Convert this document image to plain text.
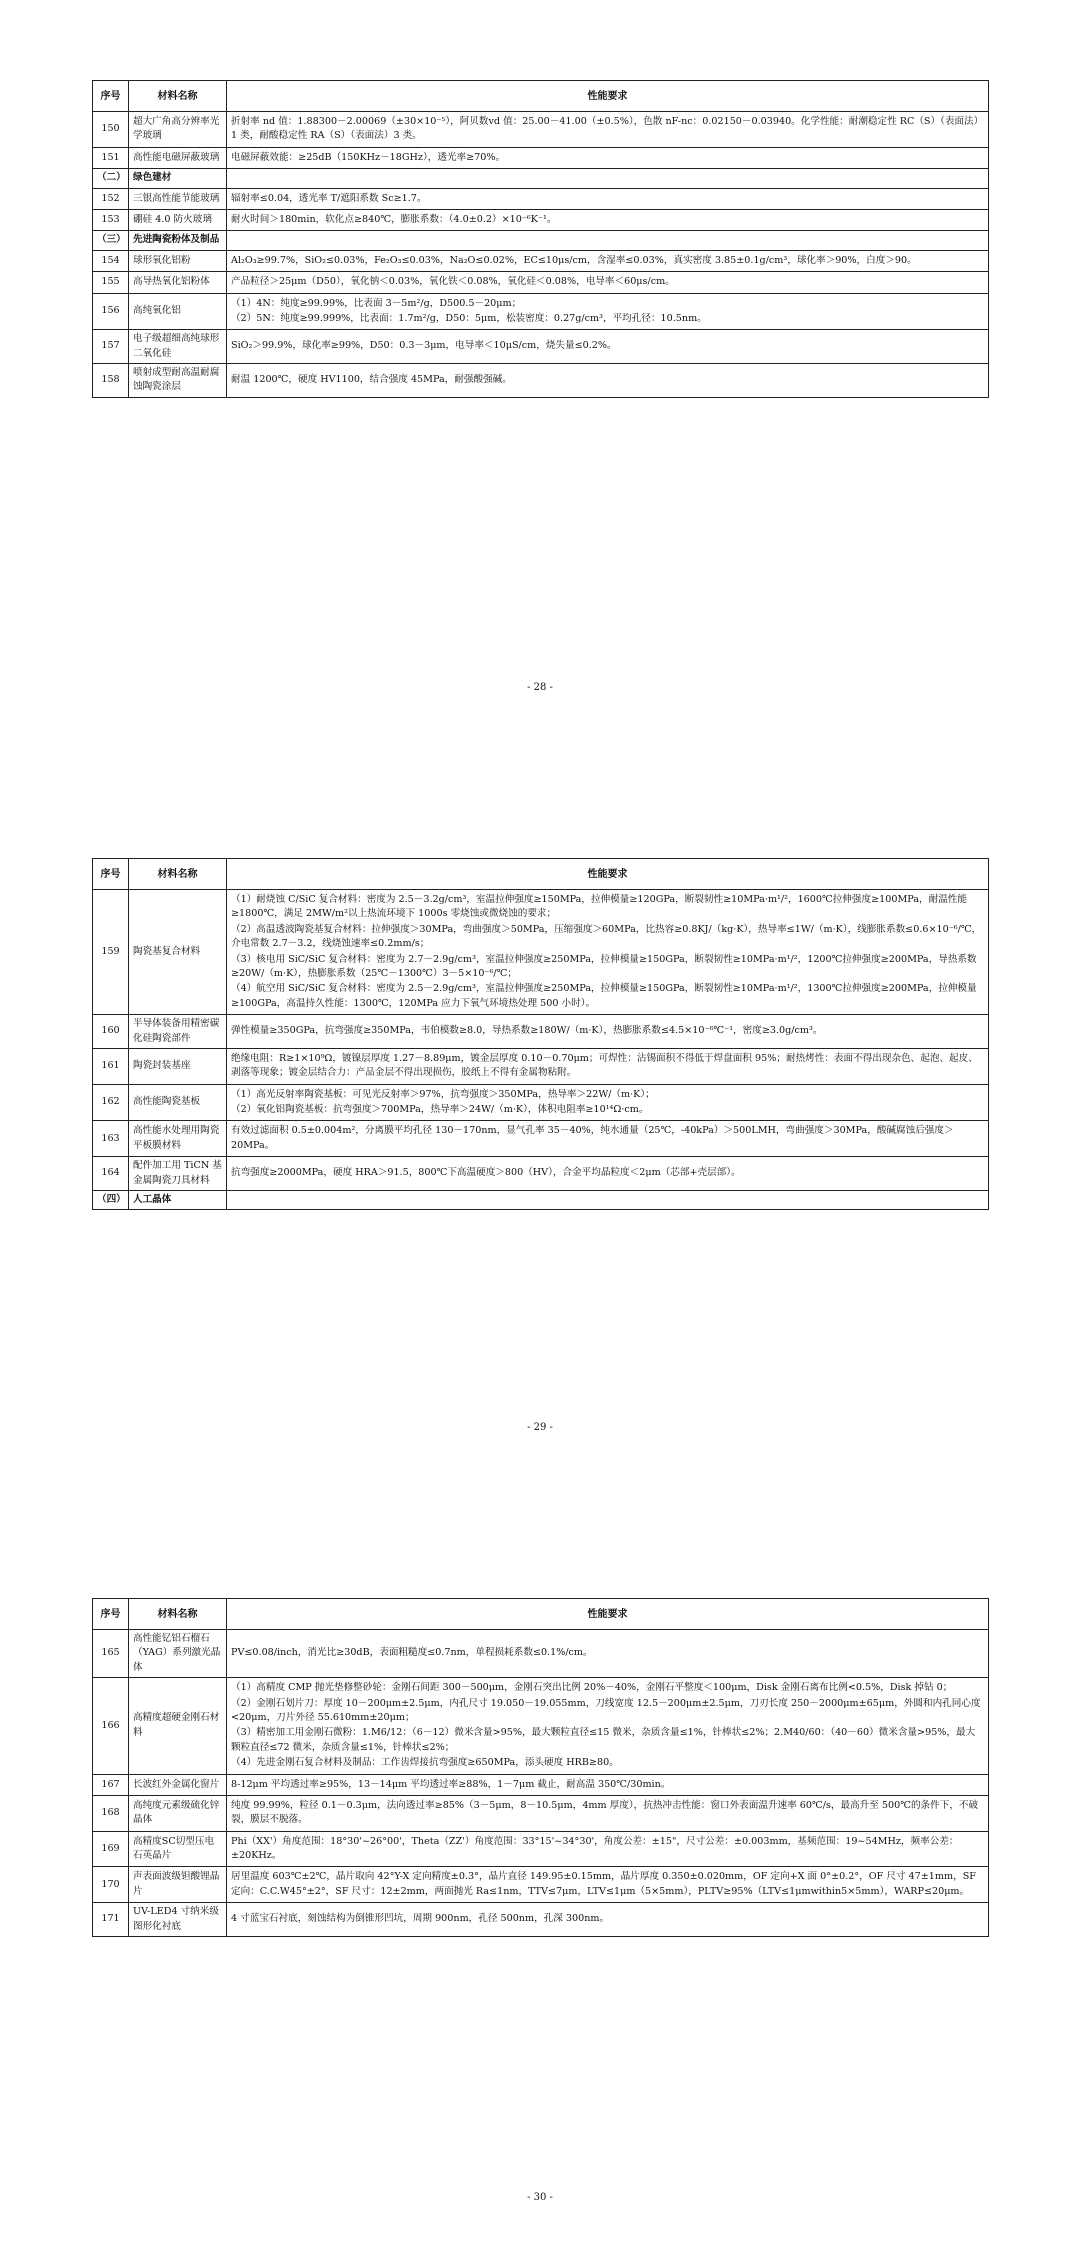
序号	材料名称	性能要求
150	超大广角高分辨率光学玻璃	折射率 nd 值：1.88300－2.00069（±30×10⁻⁵），阿贝数vd 值：25.00－41.00（±0.5%），色散 nF-nc：0.02150－0.03940。化学性能：耐潮稳定性 RC（S）（表面法）1 类，耐酸稳定性 RA（S）（表面法）3 类。

151	高性能电磁屏蔽玻璃	电磁屏蔽效能：≥25dB（150KHz－18GHz），透光率≥70%。

（二）	绿色建材	
152	三银高性能节能玻璃	辐射率≤0.04，透光率 T/遮阳系数 Sc≥1.7。

153	硼硅 4.0 防火玻璃	耐火时间＞180min，软化点≥840℃，膨胀系数：（4.0±0.2）×10⁻⁶K⁻¹。

（三）	先进陶瓷粉体及制品	
154	球形氧化铝粉	Al₂O₃≥99.7%，SiO₂≤0.03%，Fe₂O₃≤0.03%，Na₂O≤0.02%，EC≤10μs/cm，含湿率≤0.03%，真实密度 3.85±0.1g/cm³，球化率＞90%，白度＞90。

155	高导热氧化铝粉体	产品粒径＞25μm（D50），氧化钠＜0.03%，氧化铁＜0.08%，氧化硅＜0.08%，电导率＜60μs/cm。

156	高纯氧化铝	（1）4N：纯度≥99.99%，比表面 3－5m²/g，D500.5－20μm；
（2）5N：纯度≥99.999%，比表面：1.7m²/g，D50：5μm，松装密度：0.27g/cm³，平均孔径：10.5nm。

157	电子级超细高纯球形二氧化硅	SiO₂＞99.9%，球化率≥99%，D50：0.3－3μm，电导率＜10μS/cm，烧失量≤0.2%。

158	喷射成型耐高温耐腐蚀陶瓷涂层	耐温 1200℃，硬度 HV1100，结合强度 45MPa，耐强酸强碱。
- 28 -
序号	材料名称	性能要求
159	陶瓷基复合材料	（1）耐烧蚀 C/SiC 复合材料：密度为 2.5－3.2g/cm³，室温拉伸强度≥150MPa，拉伸模量≥120GPa，断裂韧性≥10MPa·m¹/²，1600℃拉伸强度≥100MPa，耐温性能≥1800℃，满足 2MW/m²以上热流环境下 1000s 零烧蚀或微烧蚀的要求；
（2）高温透波陶瓷基复合材料：拉伸强度＞30MPa，弯曲强度＞50MPa，压缩强度＞60MPa，比热容≥0.8KJ/（kg·K），热导率≤1W/（m·K），线膨胀系数≤0.6×10⁻⁶/℃，介电常数 2.7－3.2，线烧蚀速率≤0.2mm/s；
（3）核电用 SiC/SiC 复合材料：密度为 2.7－2.9g/cm³，室温拉伸强度≥250MPa，拉伸模量≥150GPa，断裂韧性≥10MPa·m¹/²，1200℃拉伸强度≥200MPa，导热系数≥20W/（m·K），热膨胀系数（25℃－1300℃）3－5×10⁻⁶/℃；
（4）航空用 SiC/SiC 复合材料：密度为 2.5－2.9g/cm³，室温拉伸强度≥250MPa，拉伸模量≥150GPa，断裂韧性≥10MPa·m¹/²，1300℃拉伸强度≥200MPa，拉伸模量≥100GPa，高温持久性能：1300℃，120MPa 应力下氧气环境热处理 500 小时）。

160	半导体装备用精密碳化硅陶瓷部件	弹性模量≥350GPa，抗弯强度≥350MPa，韦伯模数≥8.0，导热系数≥180W/（m·K），热膨胀系数≤4.5×10⁻⁶℃⁻¹，密度≥3.0g/cm³。

161	陶瓷封装基座	绝缘电阻：R≥1×10⁹Ω，镀镍层厚度 1.27－8.89μm，镀金层厚度 0.10－0.70μm；可焊性：沾锡面积不得低于焊盘面积 95%；耐热烤性：表面不得出现杂色、起泡、起皮、剥落等现象；镀金层结合力：产品金层不得出现损伤，胶纸上不得有金属物粘附。

162	高性能陶瓷基板	（1）高光反射率陶瓷基板：可见光反射率＞97%，抗弯强度＞350MPa，热导率＞22W/（m·K）；
（2）氧化铝陶瓷基板：抗弯强度＞700MPa，热导率＞24W/（m·K），体积电阻率≥10¹⁴Ω·cm。

163	高性能水处理用陶瓷平板膜材料	有效过滤面积 0.5±0.004m²，分离膜平均孔径 130－170nm，显气孔率 35－40%，纯水通量（25℃，-40kPa）＞500LMH，弯曲强度＞30MPa，酸碱腐蚀后强度＞20MPa。

164	配件加工用 TiCN 基金属陶瓷刀具材料	抗弯强度≥2000MPa，硬度 HRA＞91.5，800℃下高温硬度＞800（HV），合金平均晶粒度＜2μm（芯部+壳层部）。

（四）	人工晶体	
- 29 -
序号	材料名称	性能要求
165	高性能钇铝石榴石（YAG）系列激光晶体	PV≤0.08/inch，消光比≥30dB，表面粗糙度≤0.7nm，单程损耗系数≤0.1%/cm。

166	高精度超硬金刚石材料	（1）高精度 CMP 抛光垫修整砂轮：金刚石间距 300－500μm，金刚石突出比例 20%－40%，金刚石平整度＜100μm，Disk 金刚石离布比例<0.5%，Disk 掉钻 0；
（2）金刚石划片刀：厚度 10－200μm±2.5μm，内孔尺寸 19.050－19.055mm，刀线宽度 12.5－200μm±2.5μm，刀刃长度 250－2000μm±65μm，外圆和内孔同心度<20μm，刀片外径 55.610mm±20μm；
（3）精密加工用金刚石微粉：1.M6/12：（6－12）微米含量>95%，最大颗粒直径≤15 微米，杂质含量≤1%，针棒状≤2%；2.M40/60：（40－60）微米含量>95%，最大颗粒直径≤72 微米，杂质含量≤1%，针棒状≤2%；
（4）先进金刚石复合材料及制品：工作齿焊接抗弯强度≥650MPa，添头硬度 HRB≥80。

167	长波红外金属化窗片	8-12μm 平均透过率≥95%，13－14μm 平均透过率≥88%，1－7μm 截止，耐高温 350℃/30min。

168	高纯度元素级硫化锌晶体	纯度 99.99%，粒径 0.1－0.3μm，法向透过率≥85%（3－5μm，8－10.5μm，4mm 厚度），抗热冲击性能：窗口外表面温升速率 60℃/s，最高升至 500℃的条件下，不破裂，膜层不脱落。

169	高精度SC切型压电石英晶片	Phi（XX'）角度范围：18°30'~26°00'，Theta（ZZ'）角度范围：33°15'~34°30'，角度公差：±15"，尺寸公差：±0.003mm，基频范围：19~54MHz，频率公差：±20KHz。

170	声表面波级钽酸锂晶片	居里温度 603℃±2℃，晶片取向 42°Y-X 定向精度±0.3°，晶片直径 149.95±0.15mm，晶片厚度 0.350±0.020mm，OF 定向+X 面 0°±0.2°，OF 尺寸 47±1mm，SF 定向：C.C.W45°±2°，SF 尺寸：12±2mm，两面抛光 Ra≤1nm，TTV≤7μm，LTV≤1μm（5×5mm），PLTV≥95%（LTV≤1μmwithin5×5mm），WARP≤20μm。

171	UV-LED4 寸纳米级图形化衬底	4 寸蓝宝石衬底，刻蚀结构为倒锥形凹坑，周期 900nm，孔径 500nm，孔深 300nm。
- 30 -
